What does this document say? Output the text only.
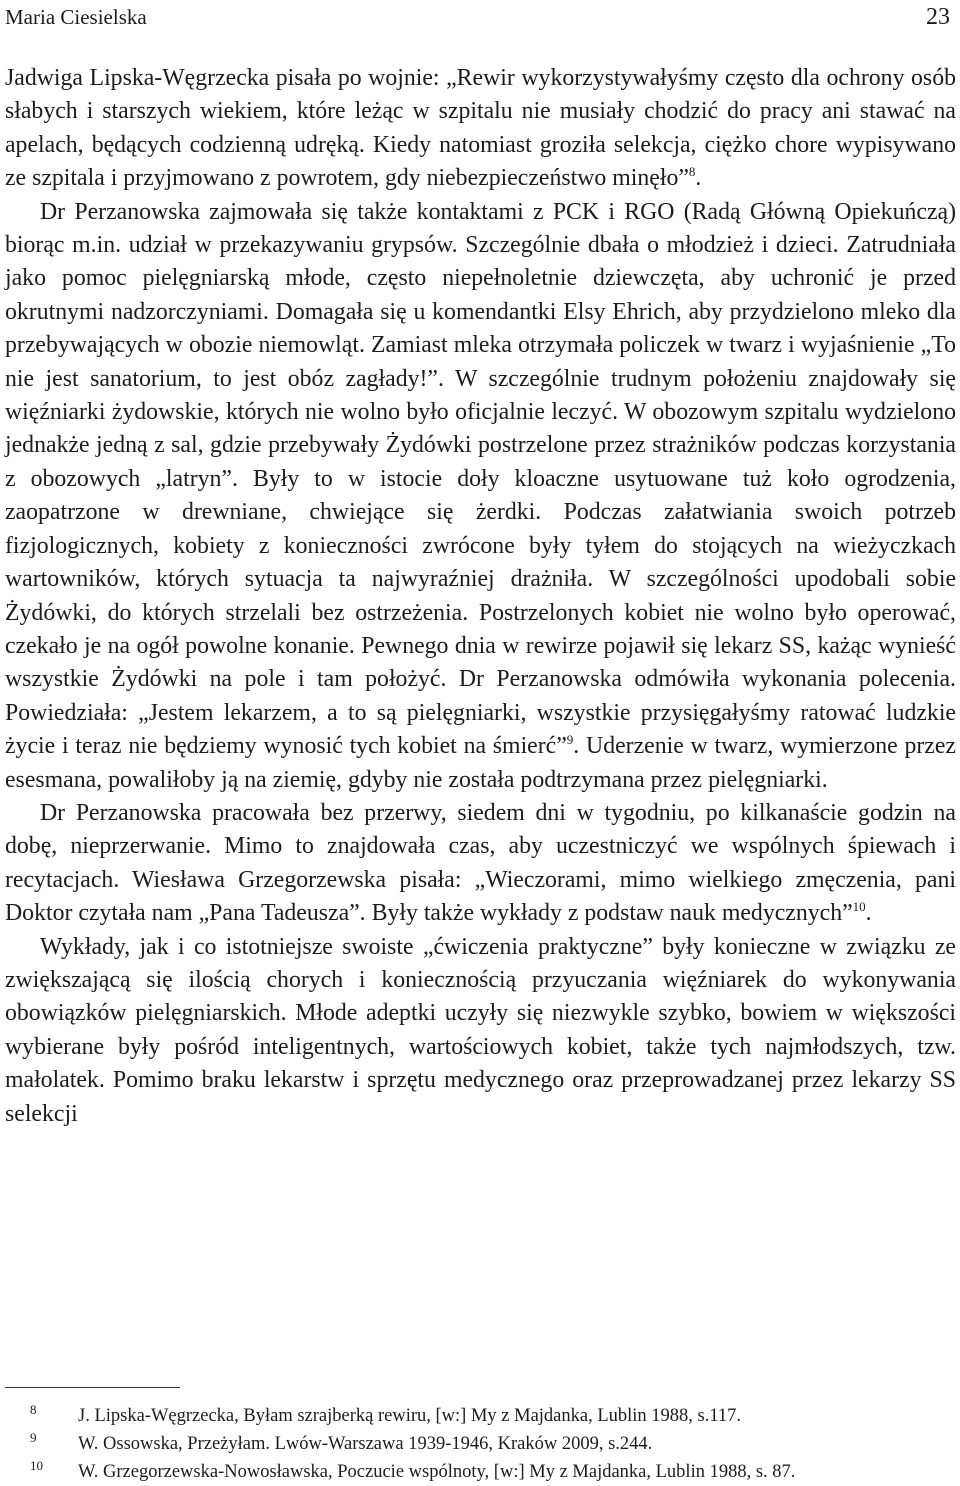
Maria Ciesielska	23

Jadwiga Lipska-Węgrzecka pisała po wojnie: „Rewir wykorzystywałyśmy często dla ochrony osób słabych i starszych wiekiem, które leżąc w szpitalu nie musiały chodzić do pracy ani stawać na apelach, będących codzienną udręką. Kiedy natomiast groziła selekcja, ciężko chore wypisywano ze szpitala i przyjmowano z powrotem, gdy niebezpieczeństwo minęło”$^8$.

Dr Perzanowska zajmowała się także kontaktami z PCK i RGO (Radą Główną Opiekuńczą) biorąc m.in. udział w przekazywaniu grypsów. Szczególnie dbała o młodzież i dzieci. Zatrudniała jako pomoc pielęgniarską młode, często niepełnoletnie dziewczęta, aby uchronić je przed okrutnymi nadzorczyniami. Domagała się u komendantki Elsy Ehrich, aby przydzielono mleko dla przebywających w obozie niemowląt. Zamiast mleka otrzymała policzek w twarz i wyjaśnienie „To nie jest sanatorium, to jest obóz zagłady!”. W szczególnie trudnym położeniu znajdowały się więźniarki żydowskie, których nie wolno było oficjalnie leczyć. W obozowym szpitalu wydzielono jednakże jedną z sal, gdzie przebywały Żydówki postrzelone przez strażników podczas korzystania z obozowych „latryn”. Były to w istocie doły kloaczne usytuowane tuż koło ogrodzenia, zaopatrzone w drewniane, chwiejące się żerdki. Podczas załatwiania swoich potrzeb fizjologicznych, kobiety z konieczności zwrócone były tyłem do stojących na wieżyczkach wartowników, których sytuacja ta najwyraźniej drażniła. W szczególności upodobali sobie Żydówki, do których strzelali bez ostrzeżenia. Postrzelonych kobiet nie wolno było operować, czekało je na ogół powolne konanie. Pewnego dnia w rewirze pojawił się lekarz SS, każąc wynieść wszystkie Żydówki na pole i tam położyć. Dr Perzanowska odmówiła wykonania polecenia. Powiedziała: „Jestem lekarzem, a to są pielęgniarki, wszystkie przysięgałyśmy ratować ludzkie życie i teraz nie będziemy wynosić tych kobiet na śmierć”$^9$. Uderzenie w twarz, wymierzone przez esesmana, powaliłoby ją na ziemię, gdyby nie została podtrzymana przez pielęgniarki.

Dr Perzanowska pracowała bez przerwy, siedem dni w tygodniu, po kilkanaście godzin na dobę, nieprzerwanie. Mimo to znajdowała czas, aby uczestniczyć we wspólnych śpiewach i recytacjach. Wiesława Grzegorzewska pisała: „Wieczorami, mimo wielkiego zmęczenia, pani Doktor czytała nam „Pana Tadeusza”. Były także wykłady z podstaw nauk medycznych”$^{10}$.

Wykłady, jak i co istotniejsze swoiste „ćwiczenia praktyczne” były konieczne w związku ze zwiększającą się ilością chorych i koniecznością przyuczania więźniarek do wykonywania obowiązków pielęgniarskich. Młode adeptki uczyły się niezwykle szybko, bowiem w większości wybierane były pośród inteligentnych, wartościowych kobiet, także tych najmłodszych, tzw. małolatek. Pomimo braku lekarstw i sprzętu medycznego oraz przeprowadzanej przez lekarzy SS selekcji

8 J. Lipska-Węgrzecka, Byłam szrajberką rewiru, [w:] My z Majdanka, Lublin 1988, s.117.
9 W. Ossowska, Przeżyłam. Lwów-Warszawa 1939-1946, Kraków 2009, s.244.
10 W. Grzegorzewska-Nowosławska, Poczucie wspólnoty, [w:] My z Majdanka, Lublin 1988, s. 87.
